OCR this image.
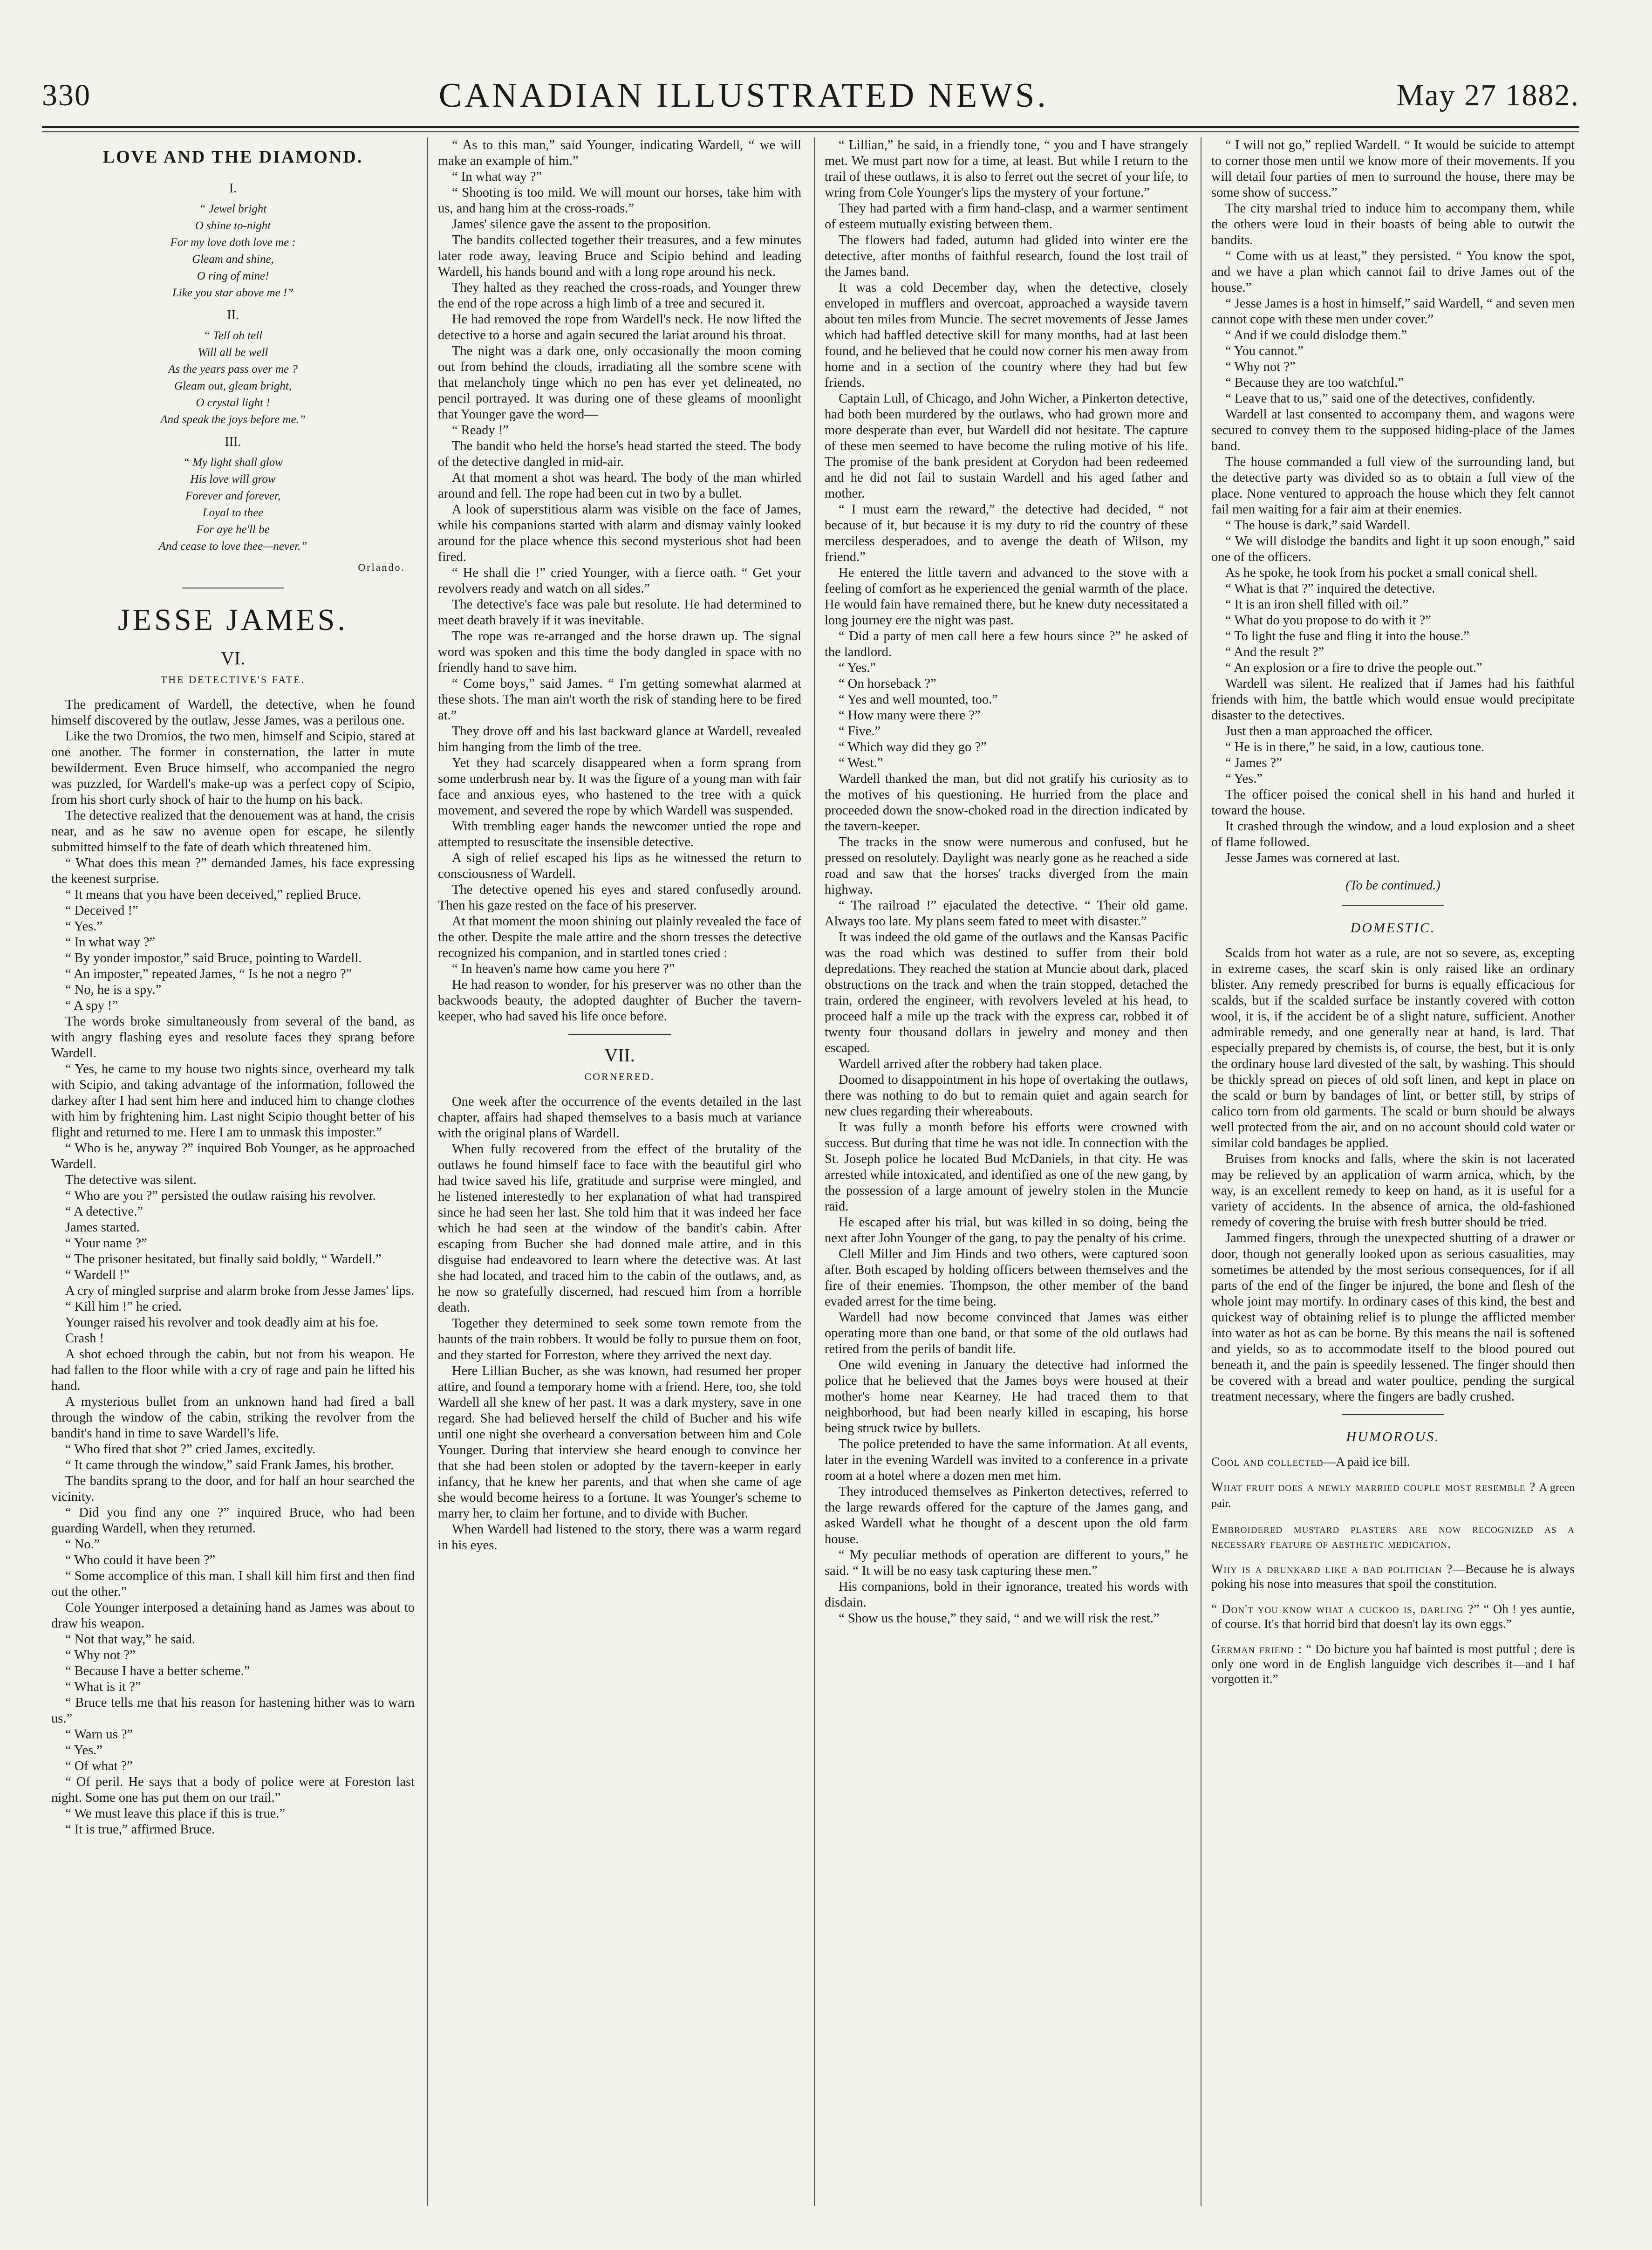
330	CANADIAN ILLUSTRATED NEWS.	May 27 1882.
LOVE AND THE DIAMOND.
I.
“ Jewel bright
O shine to-night
For my love doth love me :
Gleam and shine,
O ring of mine!
Like you star above me !”
II.
“ Tell oh tell
Will all be well
As the years pass over me ?
Gleam out, gleam bright,
O crystal light !
And speak the joys before me.”
III.
“ My light shall glow
His love will grow
Forever and forever,
Loyal to thee
For aye he'll be
And cease to love thee—never.”
Orlando.
JESSE JAMES.
VI.
THE DETECTIVE'S FATE.

The predicament of Wardell, the detective, when he found himself discovered by the outlaw, Jesse James, was a perilous one.

Like the two Dromios, the two men, himself and Scipio, stared at one another. The former in consternation, the latter in mute bewilderment. Even Bruce himself, who accompanied the negro was puzzled, for Wardell's make-up was a perfect copy of Scipio, from his short curly shock of hair to the hump on his back.

The detective realized that the denouement was at hand, the crisis near, and as he saw no avenue open for escape, he silently submitted himself to the fate of death which threatened him.

“ What does this mean ?” demanded James, his face expressing the keenest surprise.

“ It means that you have been deceived,” replied Bruce.

“ Deceived !”

“ Yes.”

“ In what way ?”

“ By yonder impostor,” said Bruce, pointing to Wardell.

“ An imposter,” repeated James, “ Is he not a negro ?”

“ No, he is a spy.”

“ A spy !”

The words broke simultaneously from several of the band, as with angry flashing eyes and resolute faces they sprang before Wardell.

“ Yes, he came to my house two nights since, overheard my talk with Scipio, and taking advantage of the information, followed the darkey after I had sent him here and induced him to change clothes with him by frightening him. Last night Scipio thought better of his flight and returned to me. Here I am to unmask this imposter.”

“ Who is he, anyway ?” inquired Bob Younger, as he approached Wardell.

The detective was silent.

“ Who are you ?” persisted the outlaw raising his revolver.

“ A detective.”

James started.

“ Your name ?”

“ The prisoner hesitated, but finally said boldly, “ Wardell.”

“ Wardell !”

A cry of mingled surprise and alarm broke from Jesse James' lips.

“ Kill him !” he cried.

Younger raised his revolver and took deadly aim at his foe.

Crash !

A shot echoed through the cabin, but not from his weapon. He had fallen to the floor while with a cry of rage and pain he lifted his hand.

A mysterious bullet from an unknown hand had fired a ball through the window of the cabin, striking the revolver from the bandit's hand in time to save Wardell's life.

“ Who fired that shot ?” cried James, excitedly.

“ It came through the window,” said Frank James, his brother.

The bandits sprang to the door, and for half an hour searched the vicinity.

“ Did you find any one ?” inquired Bruce, who had been guarding Wardell, when they returned.

“ No.”

“ Who could it have been ?”

“ Some accomplice of this man. I shall kill him first and then find out the other.”

Cole Younger interposed a detaining hand as James was about to draw his weapon.

“ Not that way,” he said.

“ Why not ?”

“ Because I have a better scheme.”

“ What is it ?”

“ Bruce tells me that his reason for hastening hither was to warn us.”

“ Warn us ?”

“ Yes.”

“ Of what ?”

“ Of peril. He says that a body of police were at Foreston last night. Some one has put them on our trail.”

“ We must leave this place if this is true.”

“ It is true,” affirmed Bruce.

“ As to this man,” said Younger, indicating Wardell, “ we will make an example of him.”

“ In what way ?”

“ Shooting is too mild. We will mount our horses, take him with us, and hang him at the cross-roads.”

James' silence gave the assent to the proposition.

The bandits collected together their treasures, and a few minutes later rode away, leaving Bruce and Scipio behind and leading Wardell, his hands bound and with a long rope around his neck.

They halted as they reached the cross-roads, and Younger threw the end of the rope across a high limb of a tree and secured it.

He had removed the rope from Wardell's neck. He now lifted the detective to a horse and again secured the lariat around his throat.

The night was a dark one, only occasionally the moon coming out from behind the clouds, irradiating all the sombre scene with that melancholy tinge which no pen has ever yet delineated, no pencil portrayed. It was during one of these gleams of moonlight that Younger gave the word—

“ Ready !”

The bandit who held the horse's head started the steed. The body of the detective dangled in mid-air.

At that moment a shot was heard. The body of the man whirled around and fell. The rope had been cut in two by a bullet.

A look of superstitious alarm was visible on the face of James, while his companions started with alarm and dismay vainly looked around for the place whence this second mysterious shot had been fired.

“ He shall die !” cried Younger, with a fierce oath. “ Get your revolvers ready and watch on all sides.”

The detective's face was pale but resolute. He had determined to meet death bravely if it was inevitable.

The rope was re-arranged and the horse drawn up. The signal word was spoken and this time the body dangled in space with no friendly hand to save him.

“ Come boys,” said James. “ I'm getting somewhat alarmed at these shots. The man ain't worth the risk of standing here to be fired at.”

They drove off and his last backward glance at Wardell, revealed him hanging from the limb of the tree.

Yet they had scarcely disappeared when a form sprang from some underbrush near by. It was the figure of a young man with fair face and anxious eyes, who hastened to the tree with a quick movement, and severed the rope by which Wardell was suspended.

With trembling eager hands the newcomer untied the rope and attempted to resuscitate the insensible detective.

A sigh of relief escaped his lips as he witnessed the return to consciousness of Wardell.

The detective opened his eyes and stared confusedly around. Then his gaze rested on the face of his preserver.

At that moment the moon shining out plainly revealed the face of the other. Despite the male attire and the shorn tresses the detective recognized his companion, and in startled tones cried :

“ In heaven's name how came you here ?”

He had reason to wonder, for his preserver was no other than the backwoods beauty, the adopted daughter of Bucher the tavern-keeper, who had saved his life once before.

VII.
CORNERED.

One week after the occurrence of the events detailed in the last chapter, affairs had shaped themselves to a basis much at variance with the original plans of Wardell.

When fully recovered from the effect of the brutality of the outlaws he found himself face to face with the beautiful girl who had twice saved his life, gratitude and surprise were mingled, and he listened interestedly to her explanation of what had transpired since he had seen her last. She told him that it was indeed her face which he had seen at the window of the bandit's cabin. After escaping from Bucher she had donned male attire, and in this disguise had endeavored to learn where the detective was. At last she had located, and traced him to the cabin of the outlaws, and, as he now so gratefully discerned, had rescued him from a horrible death.

Together they determined to seek some town remote from the haunts of the train robbers. It would be folly to pursue them on foot, and they started for Forreston, where they arrived the next day.

Here Lillian Bucher, as she was known, had resumed her proper attire, and found a temporary home with a friend. Here, too, she told Wardell all she knew of her past. It was a dark mystery, save in one regard. She had believed herself the child of Bucher and his wife until one night she overheard a conversation between him and Cole Younger. During that interview she heard enough to convince her that she had been stolen or adopted by the tavern-keeper in early infancy, that he knew her parents, and that when she came of age she would become heiress to a fortune. It was Younger's scheme to marry her, to claim her fortune, and to divide with Bucher.

When Wardell had listened to the story, there was a warm regard in his eyes.

“ Lillian,” he said, in a friendly tone, “ you and I have strangely met. We must part now for a time, at least. But while I return to the trail of these outlaws, it is also to ferret out the secret of your life, to wring from Cole Younger's lips the mystery of your fortune.”

They had parted with a firm hand-clasp, and a warmer sentiment of esteem mutually existing between them.

The flowers had faded, autumn had glided into winter ere the detective, after months of faithful research, found the lost trail of the James band.

It was a cold December day, when the detective, closely enveloped in mufflers and overcoat, approached a wayside tavern about ten miles from Muncie. The secret movements of Jesse James which had baffled detective skill for many months, had at last been found, and he believed that he could now corner his men away from home and in a section of the country where they had but few friends.

Captain Lull, of Chicago, and John Wicher, a Pinkerton detective, had both been murdered by the outlaws, who had grown more and more desperate than ever, but Wardell did not hesitate. The capture of these men seemed to have become the ruling motive of his life. The promise of the bank president at Corydon had been redeemed and he did not fail to sustain Wardell and his aged father and mother.

“ I must earn the reward,” the detective had decided, “ not because of it, but because it is my duty to rid the country of these merciless desperadoes, and to avenge the death of Wilson, my friend.”

He entered the little tavern and advanced to the stove with a feeling of comfort as he experienced the genial warmth of the place. He would fain have remained there, but he knew duty necessitated a long journey ere the night was past.

“ Did a party of men call here a few hours since ?” he asked of the landlord.

“ Yes.”

“ On horseback ?”

“ Yes and well mounted, too.”

“ How many were there ?”

“ Five.”

“ Which way did they go ?”

“ West.”

Wardell thanked the man, but did not gratify his curiosity as to the motives of his questioning. He hurried from the place and proceeded down the snow-choked road in the direction indicated by the tavern-keeper.

The tracks in the snow were numerous and confused, but he pressed on resolutely. Daylight was nearly gone as he reached a side road and saw that the horses' tracks diverged from the main highway.

“ The railroad !” ejaculated the detective. “ Their old game. Always too late. My plans seem fated to meet with disaster.”

It was indeed the old game of the outlaws and the Kansas Pacific was the road which was destined to suffer from their bold depredations. They reached the station at Muncie about dark, placed obstructions on the track and when the train stopped, detached the train, ordered the engineer, with revolvers leveled at his head, to proceed half a mile up the track with the express car, robbed it of twenty four thousand dollars in jewelry and money and then escaped.

Wardell arrived after the robbery had taken place.

Doomed to disappointment in his hope of overtaking the outlaws, there was nothing to do but to remain quiet and again search for new clues regarding their whereabouts.

It was fully a month before his efforts were crowned with success. But during that time he was not idle. In connection with the St. Joseph police he located Bud McDaniels, in that city. He was arrested while intoxicated, and identified as one of the new gang, by the possession of a large amount of jewelry stolen in the Muncie raid.

He escaped after his trial, but was killed in so doing, being the next after John Younger of the gang, to pay the penalty of his crime.

Clell Miller and Jim Hinds and two others, were captured soon after. Both escaped by holding officers between themselves and the fire of their enemies. Thompson, the other member of the band evaded arrest for the time being.

Wardell had now become convinced that James was either operating more than one band, or that some of the old outlaws had retired from the perils of bandit life.

One wild evening in January the detective had informed the police that he believed that the James boys were housed at their mother's home near Kearney. He had traced them to that neighborhood, but had been nearly killed in escaping, his horse being struck twice by bullets.

The police pretended to have the same information. At all events, later in the evening Wardell was invited to a conference in a private room at a hotel where a dozen men met him.

They introduced themselves as Pinkerton detectives, referred to the large rewards offered for the capture of the James gang, and asked Wardell what he thought of a descent upon the old farm house.

“ My peculiar methods of operation are different to yours,” he said. “ It will be no easy task capturing these men.”

His companions, bold in their ignorance, treated his words with disdain.

“ Show us the house,” they said, “ and we will risk the rest.”

“ I will not go,” replied Wardell. “ It would be suicide to attempt to corner those men until we know more of their movements. If you will detail four parties of men to surround the house, there may be some show of success.”

The city marshal tried to induce him to accompany them, while the others were loud in their boasts of being able to outwit the bandits.

“ Come with us at least,” they persisted. “ You know the spot, and we have a plan which cannot fail to drive James out of the house.”

“ Jesse James is a host in himself,” said Wardell, “ and seven men cannot cope with these men under cover.”

“ And if we could dislodge them.”

“ You cannot.”

“ Why not ?”

“ Because they are too watchful.”

“ Leave that to us,” said one of the detectives, confidently.

Wardell at last consented to accompany them, and wagons were secured to convey them to the supposed hiding-place of the James band.

The house commanded a full view of the surrounding land, but the detective party was divided so as to obtain a full view of the place. None ventured to approach the house which they felt cannot fail men waiting for a fair aim at their enemies.

“ The house is dark,” said Wardell.

“ We will dislodge the bandits and light it up soon enough,” said one of the officers.

As he spoke, he took from his pocket a small conical shell.

“ What is that ?” inquired the detective.

“ It is an iron shell filled with oil.”

“ What do you propose to do with it ?”

“ To light the fuse and fling it into the house.”

“ And the result ?”

“ An explosion or a fire to drive the people out.”

Wardell was silent. He realized that if James had his faithful friends with him, the battle which would ensue would precipitate disaster to the detectives.

Just then a man approached the officer.

“ He is in there,” he said, in a low, cautious tone.

“ James ?”

“ Yes.”

The officer poised the conical shell in his hand and hurled it toward the house.

It crashed through the window, and a loud explosion and a sheet of flame followed.

Jesse James was cornered at last.

(To be continued.)
DOMESTIC.

Scalds from hot water as a rule, are not so severe, as, excepting in extreme cases, the scarf skin is only raised like an ordinary blister. Any remedy prescribed for burns is equally efficacious for scalds, but if the scalded surface be instantly covered with cotton wool, it is, if the accident be of a slight nature, sufficient. Another admirable remedy, and one generally near at hand, is lard. That especially prepared by chemists is, of course, the best, but it is only the ordinary house lard divested of the salt, by washing. This should be thickly spread on pieces of old soft linen, and kept in place on the scald or burn by bandages of lint, or better still, by strips of calico torn from old garments. The scald or burn should be always well protected from the air, and on no account should cold water or similar cold bandages be applied.

Bruises from knocks and falls, where the skin is not lacerated may be relieved by an application of warm arnica, which, by the way, is an excellent remedy to keep on hand, as it is useful for a variety of accidents. In the absence of arnica, the old-fashioned remedy of covering the bruise with fresh butter should be tried.

Jammed fingers, through the unexpected shutting of a drawer or door, though not generally looked upon as serious casualities, may sometimes be attended by the most serious consequences, for if all parts of the end of the finger be injured, the bone and flesh of the whole joint may mortify. In ordinary cases of this kind, the best and quickest way of obtaining relief is to plunge the afflicted member into water as hot as can be borne. By this means the nail is softened and yields, so as to accommodate itself to the blood poured out beneath it, and the pain is speedily lessened. The finger should then be covered with a bread and water poultice, pending the surgical treatment necessary, where the fingers are badly crushed.

HUMOROUS.

Cool and collected—A paid ice bill.

What fruit does a newly married couple most resemble ? A green pair.

Embroidered mustard plasters are now recognized as a necessary feature of aesthetic medication.

Why is a drunkard like a bad politician ?—Because he is always poking his nose into measures that spoil the constitution.

“ Don't you know what a cuckoo is, darling ?” “ Oh ! yes auntie, of course. It's that horrid bird that doesn't lay its own eggs.”

German friend : “ Do bicture you haf bainted is most puttful ; dere is only one word in de English languidge vich describes it—and I haf vorgotten it.”
